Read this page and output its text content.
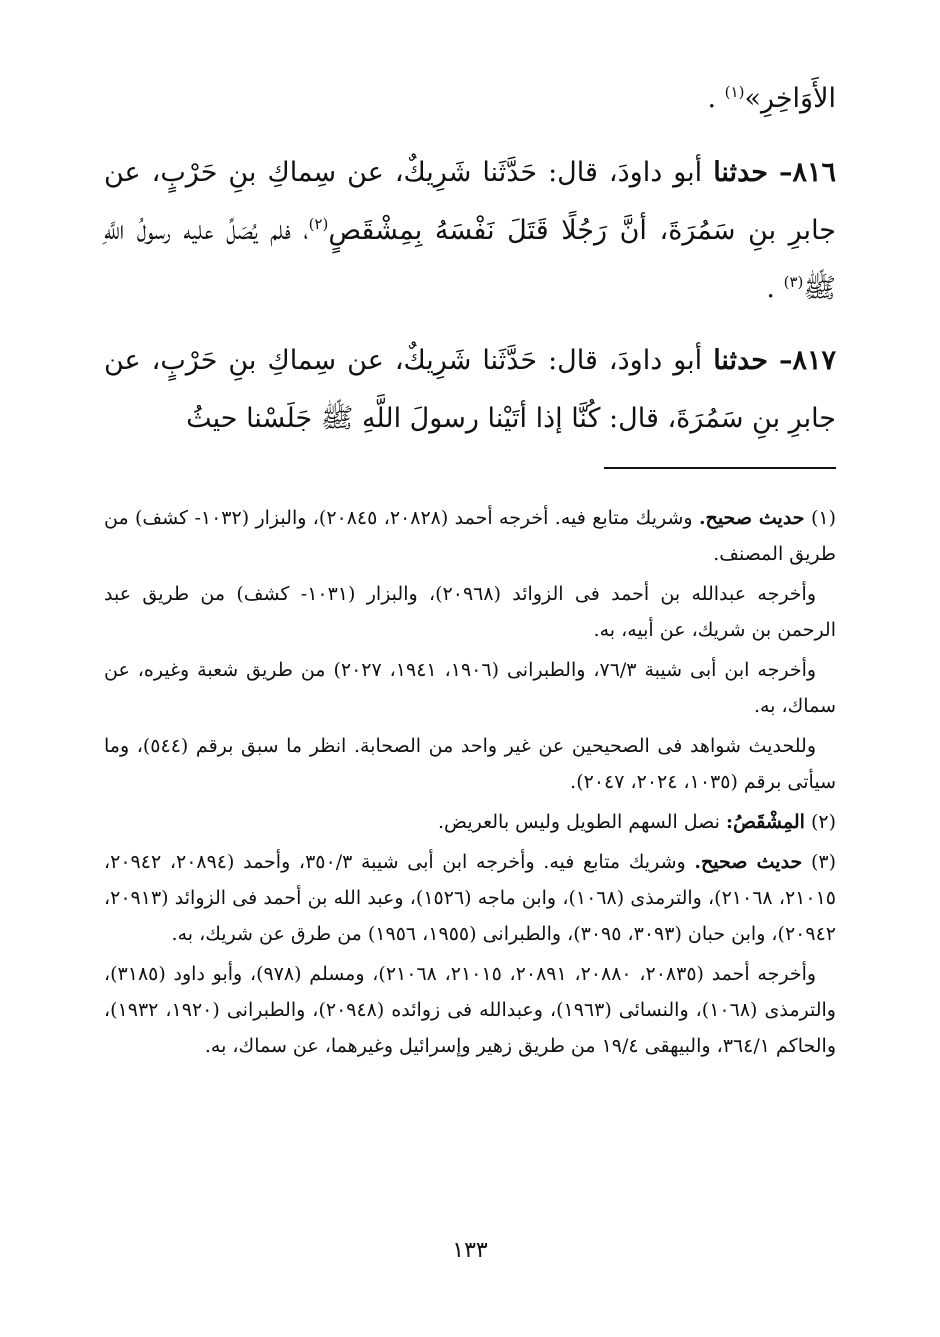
الأَوَاخِرِ»$^{(١)}$ .

٨١٦– حدثنا أبو داودَ، قال: حَدَّثَنا شَرِيكٌ، عن سِماكِ بنِ حَرْبٍ، عن جابرِ بنِ سَمُرَةَ، أنَّ رَجُلًا قَتَلَ نَفْسَهُ بِمِشْقَصٍ$^{(٢)}$، فلم يُصَلِّ عليه رسولُ اللَّهِ ﷺ$^{(٣)}$ .

٨١٧– حدثنا أبو داودَ، قال: حَدَّثَنا شَرِيكٌ، عن سِماكِ بنِ حَرْبٍ، عن جابرِ بنِ سَمُرَةَ، قال: كُنَّا إذا أتَيْنا رسولَ اللَّهِ ﷺ جَلَسْنا حيثُ

(١) حديث صحيح. وشريك متابع فيه. أخرجه أحمد (٢٠٨٢٨، ٢٠٨٤٥)، والبزار (١٠٣٢- كشف) من طريق المصنف.

وأخرجه عبدالله بن أحمد فى الزوائد (٢٠٩٦٨)، والبزار (١٠٣١- كشف) من طريق عبد الرحمن بن شريك، عن أبيه، به.

وأخرجه ابن أبى شيبة ٧٦/٣، والطبرانى (١٩٠٦، ١٩٤١، ٢٠٢٧) من طريق شعبة وغيره، عن سماك، به.

وللحديث شواهد فى الصحيحين عن غير واحد من الصحابة. انظر ما سبق برقم (٥٤٤)، وما سيأتى برقم (١٠٣٥، ٢٠٢٤، ٢٠٤٧).

(٢) المِشْقَصُ: نصل السهم الطويل وليس بالعريض.

(٣) حديث صحيح. وشريك متابع فيه. وأخرجه ابن أبى شيبة ٣٥٠/٣، وأحمد (٢٠٨٩٤، ٢٠٩٤٢، ٢١٠١٥، ٢١٠٦٨)، والترمذى (١٠٦٨)، وابن ماجه (١٥٢٦)، وعبد الله بن أحمد فى الزوائد (٢٠٩١٣، ٢٠٩٤٢)، وابن حبان (٣٠٩٣، ٣٠٩٥)، والطبرانى (١٩٥٥، ١٩٥٦) من طرق عن شريك، به.

وأخرجه أحمد (٢٠٨٣٥، ٢٠٨٨٠، ٢٠٨٩١، ٢١٠١٥، ٢١٠٦٨)، ومسلم (٩٧٨)، وأبو داود (٣١٨٥)، والترمذى (١٠٦٨)، والنسائى (١٩٦٣)، وعبدالله فى زوائده (٢٠٩٤٨)، والطبرانى (١٩٢٠، ١٩٣٢)، والحاكم ٣٦٤/١، والبيهقى ١٩/٤ من طريق زهير وإسرائيل وغيرهما، عن سماك، به.

١٣٣
